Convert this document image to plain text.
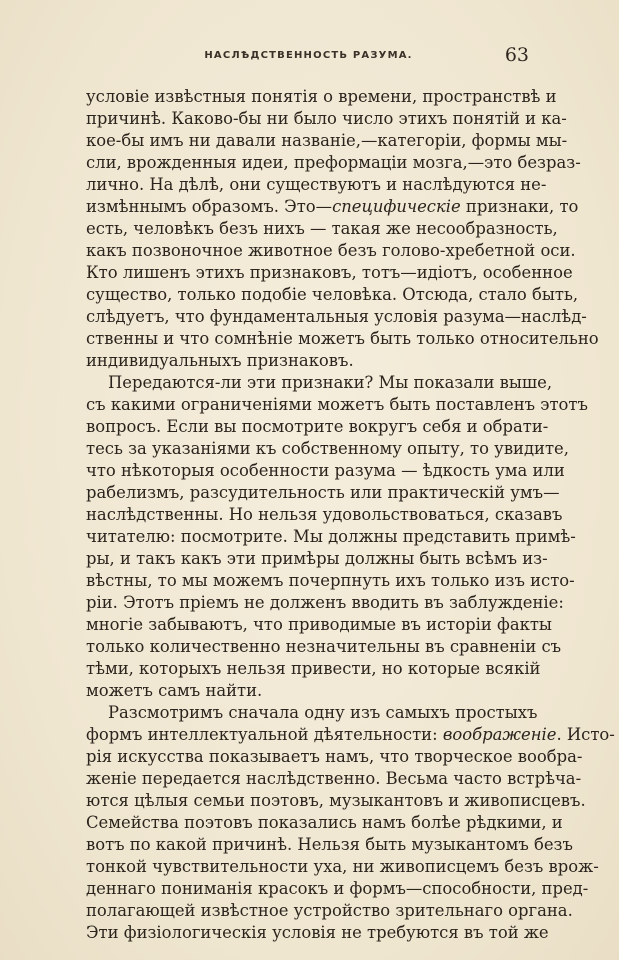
НАСЛѢДСТВЕННОСТЬ РАЗУМА.	63
условіе извѣстныя понятія о времени, пространствѣ и
причинѣ. Каково-бы ни было число этихъ понятій и ка-
кое-бы имъ ни давали названіе,—категоріи, формы мы-
сли, врожденныя идеи, преформаціи мозга,—это безраз-
лично. На дѣлѣ, они существуютъ и наслѣдуются не-
измѣннымъ образомъ. Это—специфическіе признаки, то
есть, человѣкъ безъ нихъ — такая же несообразность,
какъ позвоночное животное безъ голово-хребетной оси.
Кто лишенъ этихъ признаковъ, тотъ—идіотъ, особенное
существо, только подобіе человѣка. Отсюда, стало быть,
слѣдуетъ, что фундаментальныя условія разума—наслѣд-
ственны и что сомнѣніе можетъ быть только относительно
индивидуальныхъ признаковъ.
Передаются-ли эти признаки? Мы показали выше,
съ какими ограниченіями можетъ быть поставленъ этотъ
вопросъ. Если вы посмотрите вокругъ себя и обрати-
тесь за указаніями къ собственному опыту, то увидите,
что нѣкоторыя особенности разума — ѣдкость ума или
рабелизмъ, разсудительность или практическій умъ—
наслѣдственны. Но нельзя удовольствоваться, сказавъ
читателю: посмотрите. Мы должны представить примѣ-
ры, и такъ какъ эти примѣры должны быть всѣмъ из-
вѣстны, то мы можемъ почерпнуть ихъ только изъ исто-
ріи. Этотъ пріемъ не долженъ вводить въ заблужденіе:
многіе забываютъ, что приводимые въ исторіи факты
только количественно незначительны въ сравненіи съ
тѣми, которыхъ нельзя привести, но которые всякій
можетъ самъ найти.
Разсмотримъ сначала одну изъ самыхъ простыхъ
формъ интеллектуальной дѣятельности: воображеніе. Исто-
рія искусства показываетъ намъ, что творческое вообра-
женіе передается наслѣдственно. Весьма часто встрѣча-
ются цѣлыя семьи поэтовъ, музыкантовъ и живописцевъ.
Семейства поэтовъ показались намъ болѣе рѣдкими, и
вотъ по какой причинѣ. Нельзя быть музыкантомъ безъ
тонкой чувствительности уха, ни живописцемъ безъ врож-
деннаго пониманія красокъ и формъ—способности, пред-
полагающей извѣстное устройство зрительнаго органа.
Эти физіологическія условія не требуются въ той же
